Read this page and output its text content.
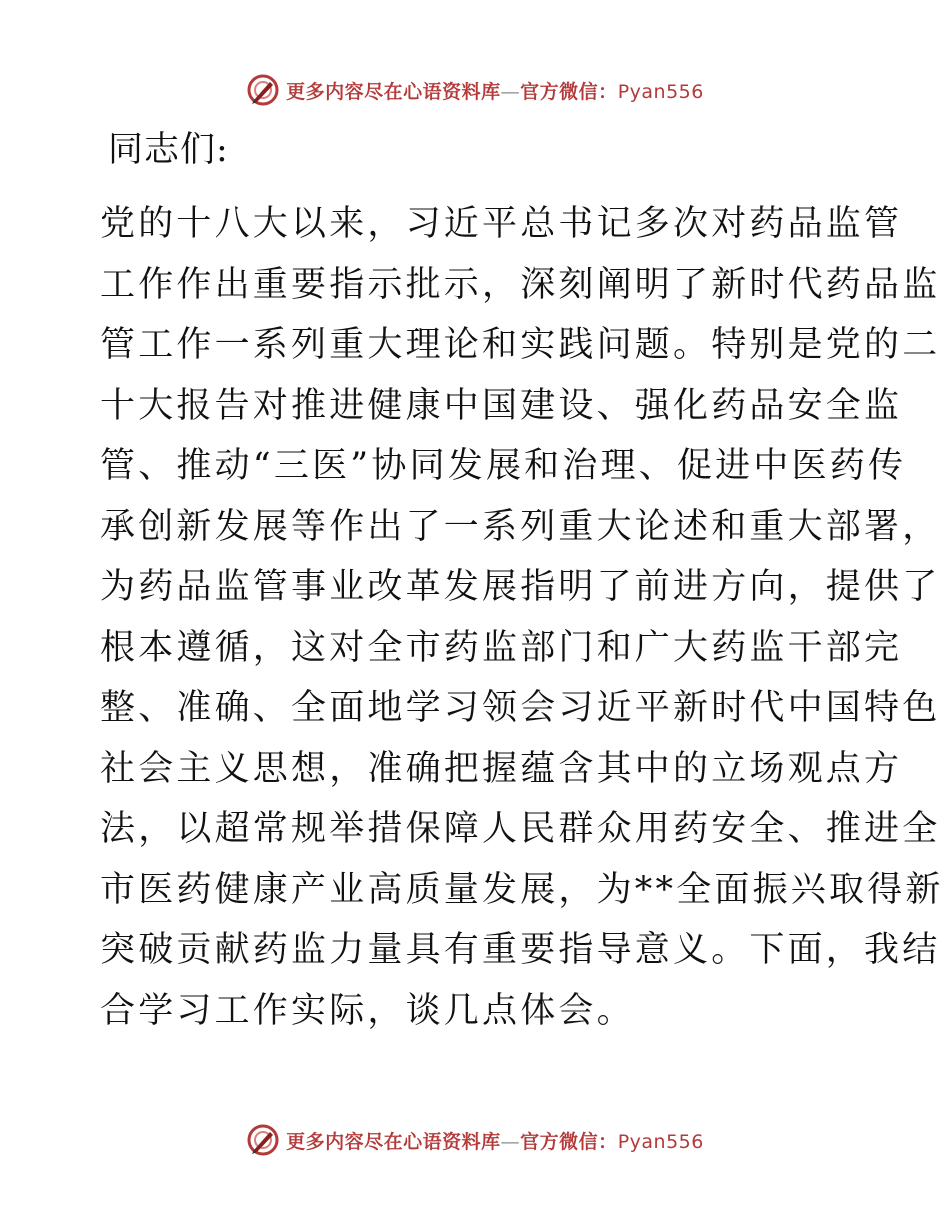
更多内容尽在心语资料库—官方微信：Pyan556

同志们:

党的十八大以来，习近平总书记多次对药品监管
工作作出重要指示批示，深刻阐明了新时代药品监
管工作一系列重大理论和实践问题。特别是党的二
十大报告对推进健康中国建设、强化药品安全监
管、推动“三医”协同发展和治理、促进中医药传
承创新发展等作出了一系列重大论述和重大部署，
为药品监管事业改革发展指明了前进方向，提供了
根本遵循，这对全市药监部门和广大药监干部完
整、准确、全面地学习领会习近平新时代中国特色
社会主义思想，准确把握蕴含其中的立场观点方
法，以超常规举措保障人民群众用药安全、推进全
市医药健康产业高质量发展，为**全面振兴取得新
突破贡献药监力量具有重要指导意义。下面，我结
合学习工作实际，谈几点体会。

更多内容尽在心语资料库—官方微信：Pyan556
